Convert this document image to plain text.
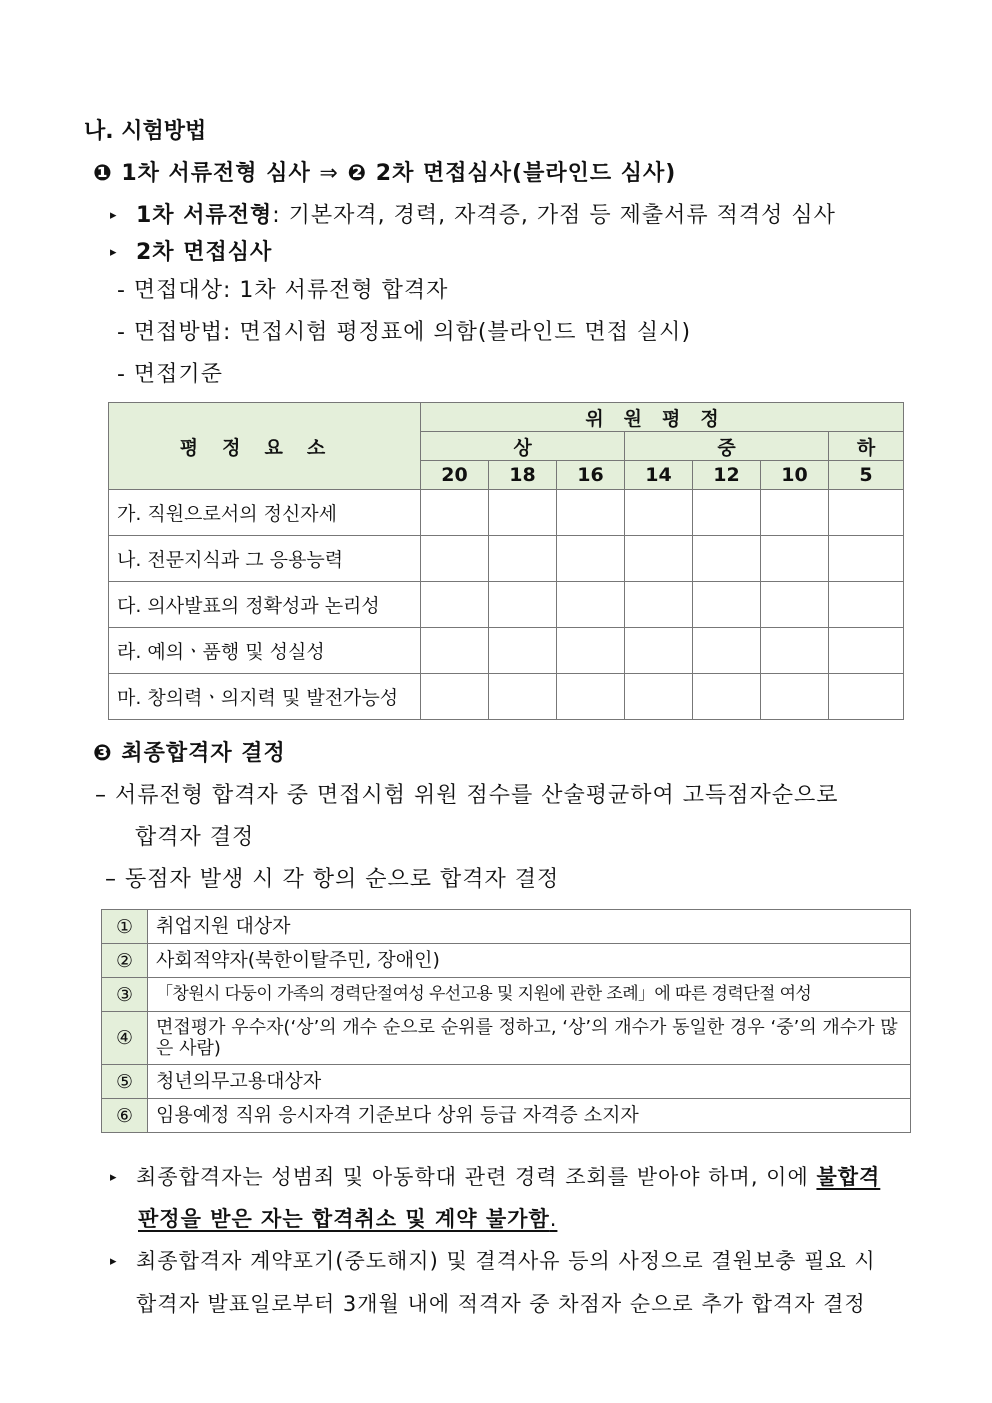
나. 시험방법
❶ 1차 서류전형 심사 ⇒ ❷ 2차 면접심사(블라인드 심사)
▸ 1차 서류전형: 기본자격, 경력, 자격증, 가점 등 제출서류 적격성 심사
▸ 2차 면접심사
- 면접대상: 1차 서류전형 합격자
- 면접방법: 면접시험 평정표에 의함(블라인드 면접 실시)
- 면접기준
평정요소	위원평정						
	상			중			하
	20	18	16	14	12	10	5
가. 직원으로서의 정신자세							
나. 전문지식과 그 응용능력							
다. 의사발표의 정확성과 논리성							
라. 예의ㆍ품행 및 성실성							
마. 창의력ㆍ의지력 및 발전가능성							
❸ 최종합격자 결정
– 서류전형 합격자 중 면접시험 위원 점수를 산술평균하여 고득점자순으로
합격자 결정
– 동점자 발생 시 각 항의 순으로 합격자 결정
①	취업지원 대상자
②	사회적약자(북한이탈주민, 장애인)
③	「창원시 다둥이 가족의 경력단절여성 우선고용 및 지원에 관한 조례」에 따른 경력단절 여성
④	면접평가 우수자(‘상’의 개수 순으로 순위를 정하고, ‘상’의 개수가 동일한 경우 ‘중’의 개수가 많은 사람)
⑤	청년의무고용대상자
⑥	임용예정 직위 응시자격 기준보다 상위 등급 자격증 소지자
▸ 최종합격자는 성범죄 및 아동학대 관련 경력 조회를 받아야 하며, 이에 불합격
판정을 받은 자는 합격취소 및 계약 불가함.
▸ 최종합격자 계약포기(중도해지) 및 결격사유 등의 사정으로 결원보충 필요 시
합격자 발표일로부터 3개월 내에 적격자 중 차점자 순으로 추가 합격자 결정
